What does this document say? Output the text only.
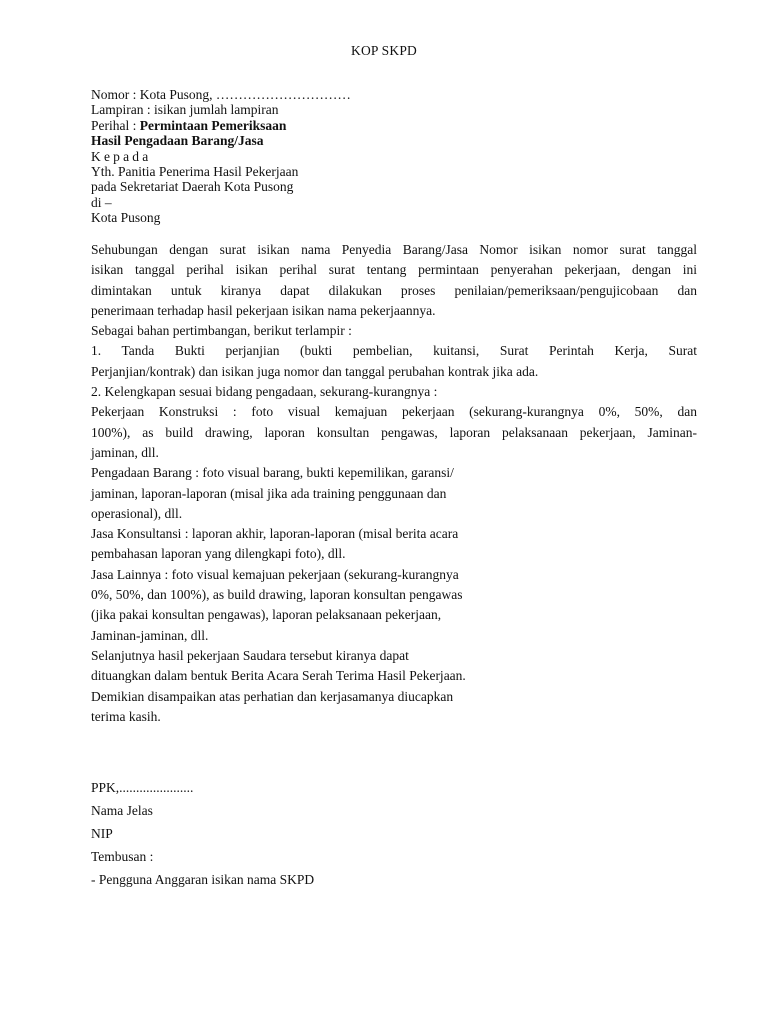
KOP SKPD
Nomor : Kota Pusong, …………………………
Lampiran : isikan jumlah lampiran
Perihal : Permintaan Pemeriksaan
Hasil Pengadaan Barang/Jasa
Kepada
Yth. Panitia Penerima Hasil Pekerjaan
pada Sekretariat Daerah Kota Pusong
di –
Kota Pusong
Sehubungan dengan surat isikan nama Penyedia Barang/Jasa Nomor isikan nomor surat tanggal
isikan tanggal perihal isikan perihal surat tentang permintaan penyerahan pekerjaan, dengan ini
dimintakan untuk kiranya dapat dilakukan proses penilaian/pemeriksaan/pengujicobaan dan
penerimaan terhadap hasil pekerjaan isikan nama pekerjaannya.
Sebagai bahan pertimbangan, berikut terlampir :
1. Tanda Bukti perjanjian (bukti pembelian, kuitansi, Surat Perintah Kerja, Surat
Perjanjian/kontrak) dan isikan juga nomor dan tanggal perubahan kontrak jika ada.
2. Kelengkapan sesuai bidang pengadaan, sekurang-kurangnya :
Pekerjaan Konstruksi : foto visual kemajuan pekerjaan (sekurang-kurangnya 0%, 50%, dan
100%), as build drawing, laporan konsultan pengawas, laporan pelaksanaan pekerjaan, Jaminan-
jaminan, dll.
Pengadaan Barang : foto visual barang, bukti kepemilikan, garansi/
jaminan, laporan-laporan (misal jika ada training penggunaan dan
operasional), dll.
Jasa Konsultansi : laporan akhir, laporan-laporan (misal berita acara
pembahasan laporan yang dilengkapi foto), dll.
Jasa Lainnya : foto visual kemajuan pekerjaan (sekurang-kurangnya
0%, 50%, dan 100%), as build drawing, laporan konsultan pengawas
(jika pakai konsultan pengawas), laporan pelaksanaan pekerjaan,
Jaminan-jaminan, dll.
Selanjutnya hasil pekerjaan Saudara tersebut kiranya dapat
dituangkan dalam bentuk Berita Acara Serah Terima Hasil Pekerjaan.
Demikian disampaikan atas perhatian dan kerjasamanya diucapkan
terima kasih.
PPK,......................
Nama Jelas
NIP
Tembusan :
- Pengguna Anggaran isikan nama SKPD
